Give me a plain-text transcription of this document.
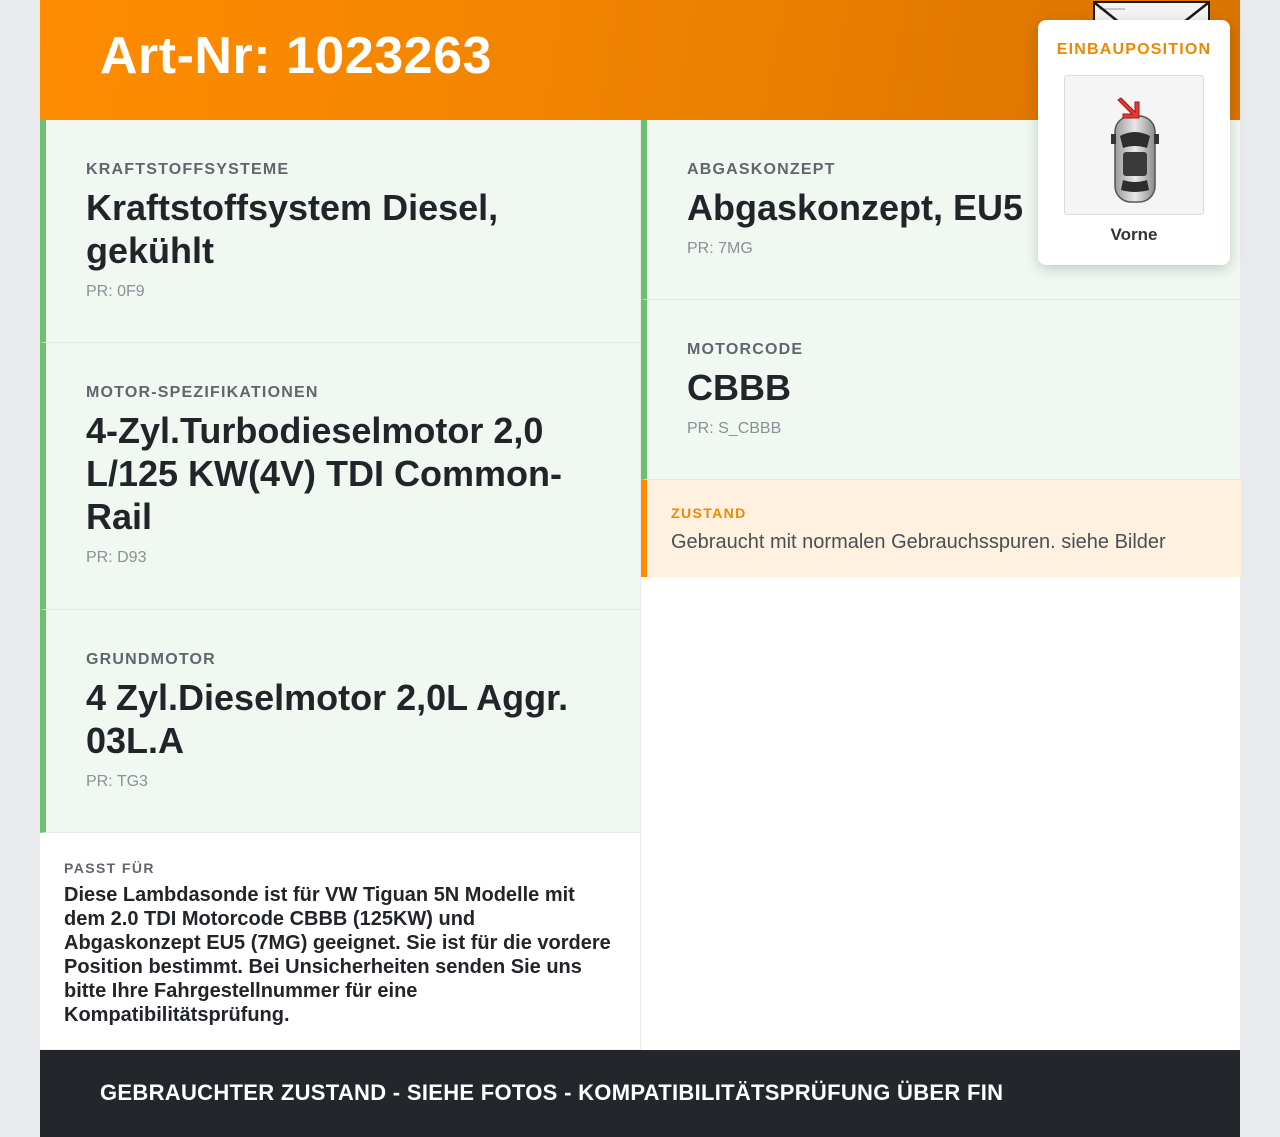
Art-Nr: 1023263
KRAFTSTOFFSYSTEME
Kraftstoffsystem Diesel, gekühlt
PR: 0F9
MOTOR-SPEZIFIKATIONEN
4-Zyl.Turbodieselmotor 2,0 L/125 KW(4V) TDI Common-Rail
PR: D93
GRUNDMOTOR
4 Zyl.Dieselmotor 2,0L Aggr. 03L.A
PR: TG3
PASST FÜR
Diese Lambdasonde ist für VW Tiguan 5N Modelle mit dem 2.0 TDI Motorcode CBBB (125KW) und Abgaskonzept EU5 (7MG) geeignet. Sie ist für die vordere Position bestimmt. Bei Unsicherheiten senden Sie uns bitte Ihre Fahrgestellnummer für eine Kompatibilitätsprüfung.
ABGASKONZEPT
Abgaskonzept, EU5
PR: 7MG
MOTORCODE
CBBB
PR: S_CBBB
ZUSTAND
Gebraucht mit normalen Gebrauchsspuren. siehe Bilder
GEBRAUCHTER ZUSTAND - SIEHE FOTOS - KOMPATIBILITÄTSPRÜFUNG ÜBER FIN
EINBAUPOSITION
Vorne
